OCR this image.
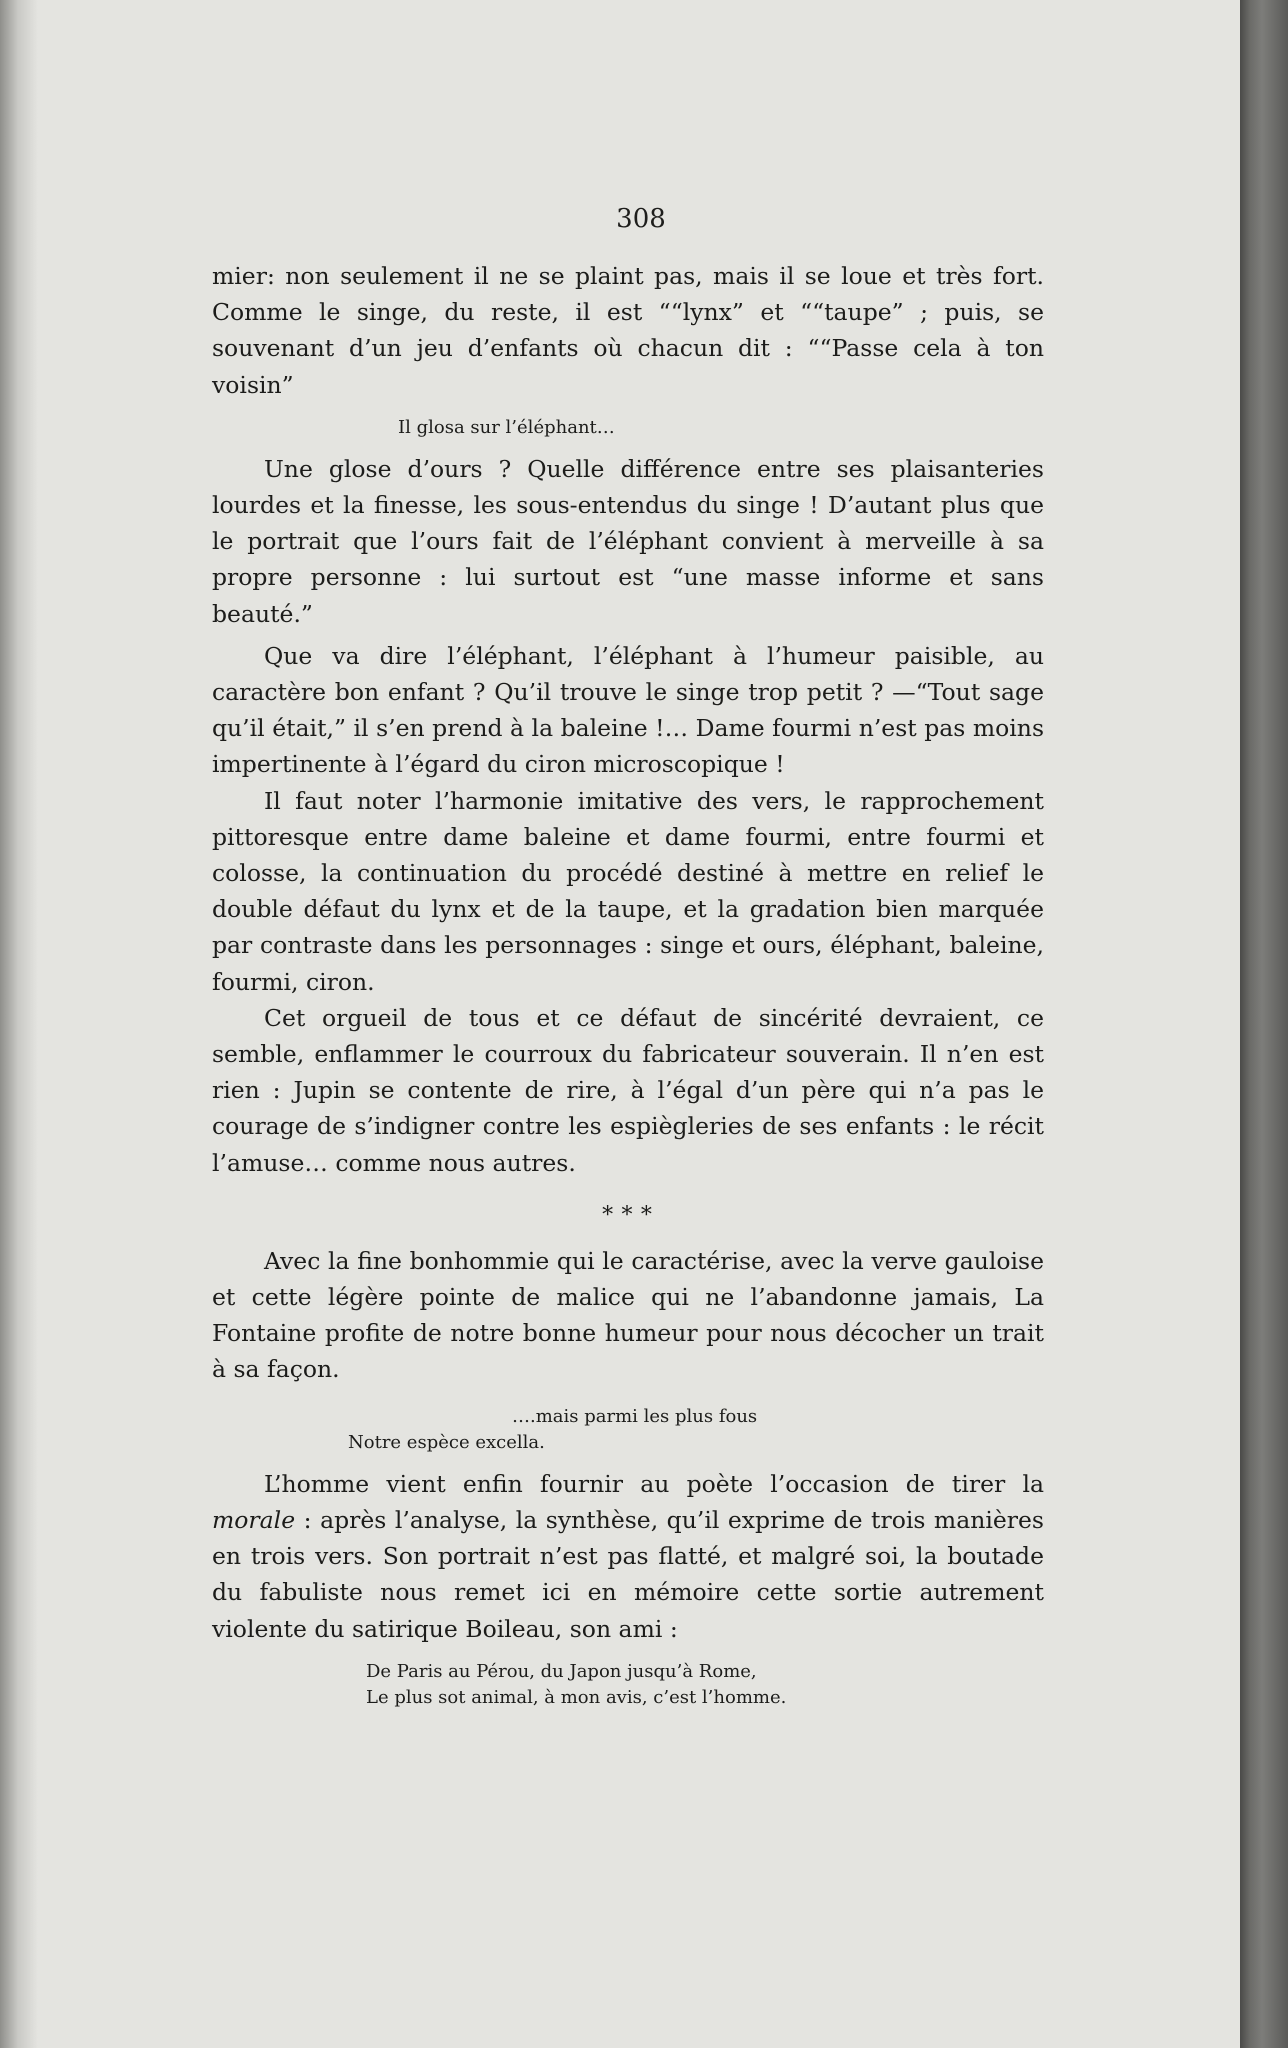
308

mier: non seulement il ne se plaint pas, mais il se loue et très fort. Comme le singe, du reste, il est ““lynx” et ““taupe” ; puis, se souvenant d’un jeu d’enfants où chacun dit : ““Passe cela à ton voisin”

Il glosa sur l’éléphant…

Une glose d’ours ? Quelle différence entre ses plaisanteries lourdes et la finesse, les sous-entendus du singe ! D’autant plus que le portrait que l’ours fait de l’éléphant convient à merveille à sa propre personne : lui surtout est “une masse informe et sans beauté.”

Que va dire l’éléphant, l’éléphant à l’humeur paisible, au caractère bon enfant ? Qu’il trouve le singe trop petit ? —“Tout sage qu’il était,” il s’en prend à la baleine !… Dame fourmi n’est pas moins impertinente à l’égard du ciron microscopique !

Il faut noter l’harmonie imitative des vers, le rapprochement pittoresque entre dame baleine et dame fourmi, entre fourmi et colosse, la continuation du procédé destiné à mettre en relief le double défaut du lynx et de la taupe, et la gradation bien marquée par contraste dans les personnages : singe et ours, éléphant, baleine, fourmi, ciron.

Cet orgueil de tous et ce défaut de sincérité devraient, ce semble, enflammer le courroux du fabricateur souverain. Il n’en est rien : Jupin se contente de rire, à l’égal d’un père qui n’a pas le courage de s’indigner contre les espiègleries de ses enfants : le récit l’amuse… comme nous autres.

* * *

Avec la fine bonhommie qui le caractérise, avec la verve gauloise et cette légère pointe de malice qui ne l’abandonne jamais, La Fontaine profite de notre bonne humeur pour nous décocher un trait à sa façon.

….mais parmi les plus fous
Notre espèce excella.

L’homme vient enfin fournir au poète l’occasion de tirer la morale : après l’analyse, la synthèse, qu’il exprime de trois manières en trois vers. Son portrait n’est pas flatté, et malgré soi, la boutade du fabuliste nous remet ici en mémoire cette sortie autrement violente du satirique Boileau, son ami :

De Paris au Pérou, du Japon jusqu’à Rome,
Le plus sot animal, à mon avis, c’est l’homme.
